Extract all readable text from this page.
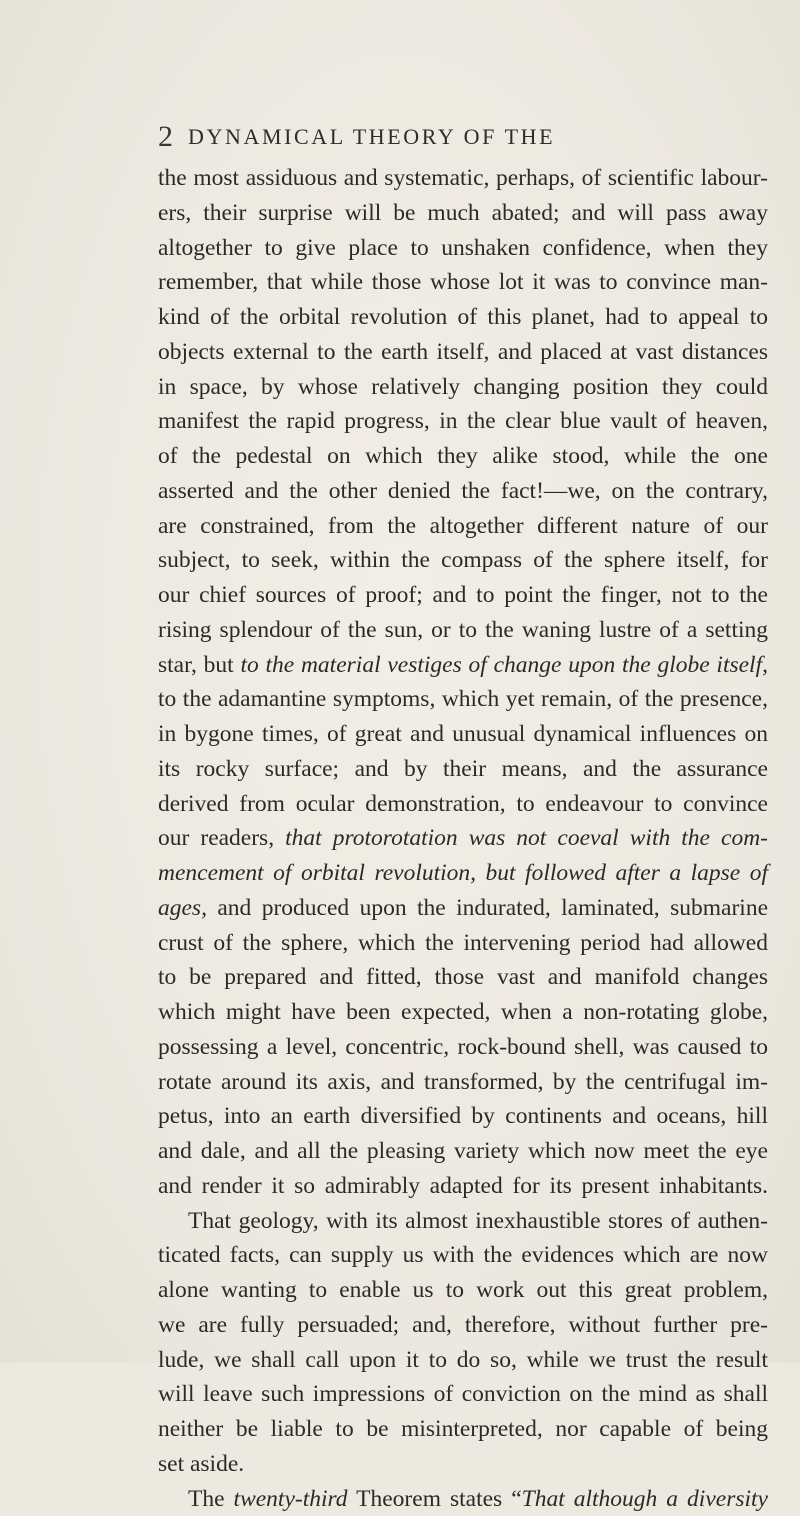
2 DYNAMICAL THEORY OF THE
the most assiduous and systematic, perhaps, of scientific labour-
ers, their surprise will be much abated; and will pass away
altogether to give place to unshaken confidence, when they
remember, that while those whose lot it was to convince man-
kind of the orbital revolution of this planet, had to appeal to
objects external to the earth itself, and placed at vast distances
in space, by whose relatively changing position they could
manifest the rapid progress, in the clear blue vault of heaven,
of the pedestal on which they alike stood, while the one
asserted and the other denied the fact!—we, on the contrary,
are constrained, from the altogether different nature of our
subject, to seek, within the compass of the sphere itself, for
our chief sources of proof; and to point the finger, not to the
rising splendour of the sun, or to the waning lustre of a setting
star, but to the material vestiges of change upon the globe itself,
to the adamantine symptoms, which yet remain, of the presence,
in bygone times, of great and unusual dynamical influences on
its rocky surface; and by their means, and the assurance
derived from ocular demonstration, to endeavour to convince
our readers, that protorotation was not coeval with the com-
mencement of orbital revolution, but followed after a lapse of
ages, and produced upon the indurated, laminated, submarine
crust of the sphere, which the intervening period had allowed
to be prepared and fitted, those vast and manifold changes
which might have been expected, when a non-rotating globe,
possessing a level, concentric, rock-bound shell, was caused to
rotate around its axis, and transformed, by the centrifugal im-
petus, into an earth diversified by continents and oceans, hill
and dale, and all the pleasing variety which now meet the eye
and render it so admirably adapted for its present inhabitants.
That geology, with its almost inexhaustible stores of authen-
ticated facts, can supply us with the evidences which are now
alone wanting to enable us to work out this great problem,
we are fully persuaded; and, therefore, without further pre-
lude, we shall call upon it to do so, while we trust the result
will leave such impressions of conviction on the mind as shall
neither be liable to be misinterpreted, nor capable of being
set aside.
The twenty-third Theorem states “That although a diversity
